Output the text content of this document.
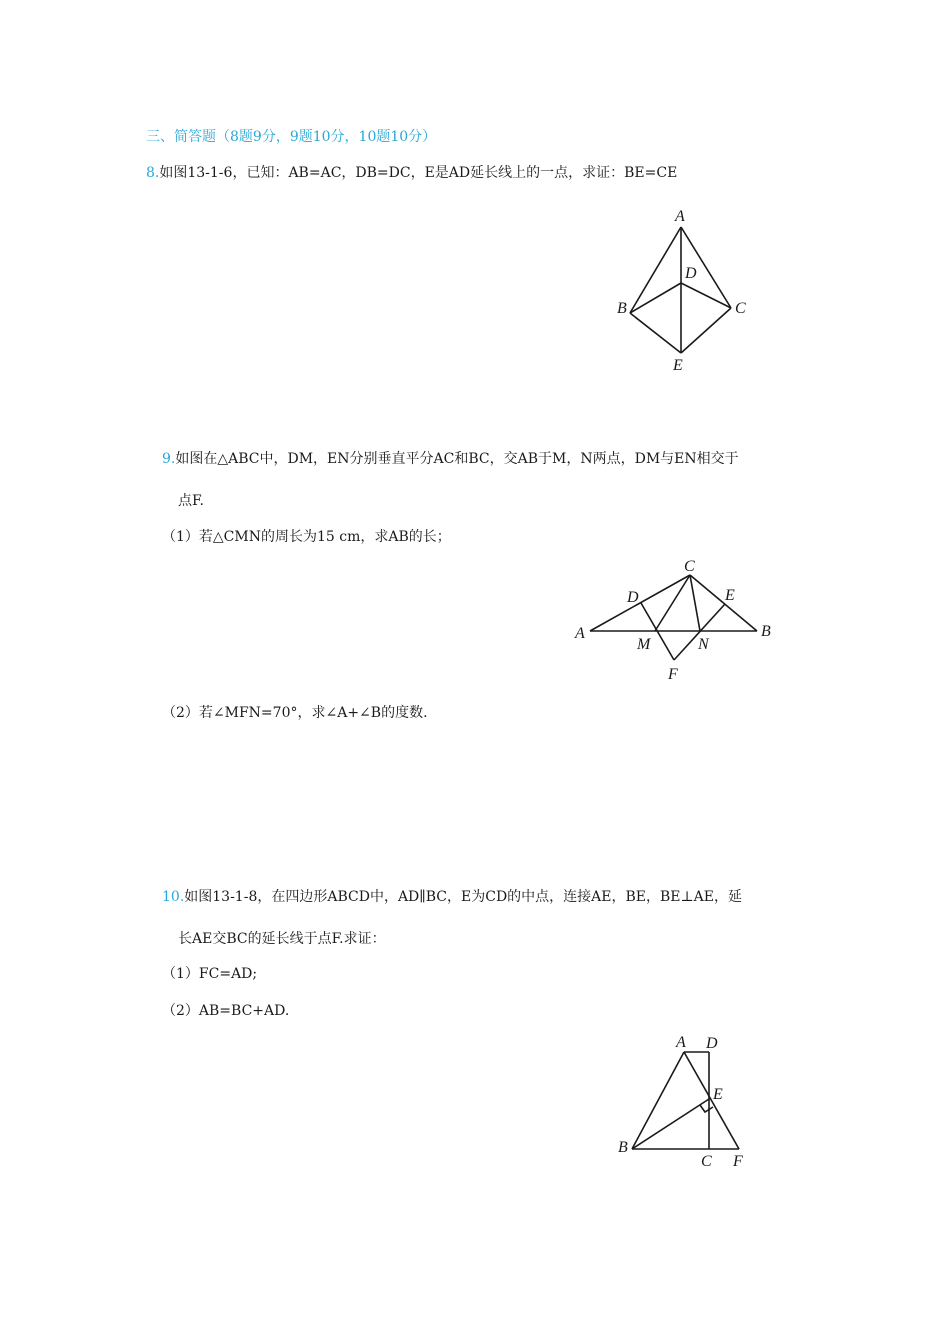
三、简答题（8题9分，9题10分，10题10分）
8.如图13-1-6，已知：AB=AC，DB=DC，E是AD延长线上的一点，求证：BE=CE
A
B	C
D
E
9.如图在△ABC中，DM，EN分别垂直平分AC和BC，交AB于M，N两点，DM与EN相交于
点F.
（1）若△CMN的周长为15 cm，求AB的长；
C
D	E
A	B
M	N
F
（2）若∠MFN=70°，求∠A+∠B的度数.
10.如图13-1-8，在四边形ABCD中，AD∥BC，E为CD的中点，连接AE，BE，BE⊥AE，延
长AE交BC的延长线于点F.求证：
（1）FC=AD;
（2）AB=BC+AD.
A D
E
B
C F
